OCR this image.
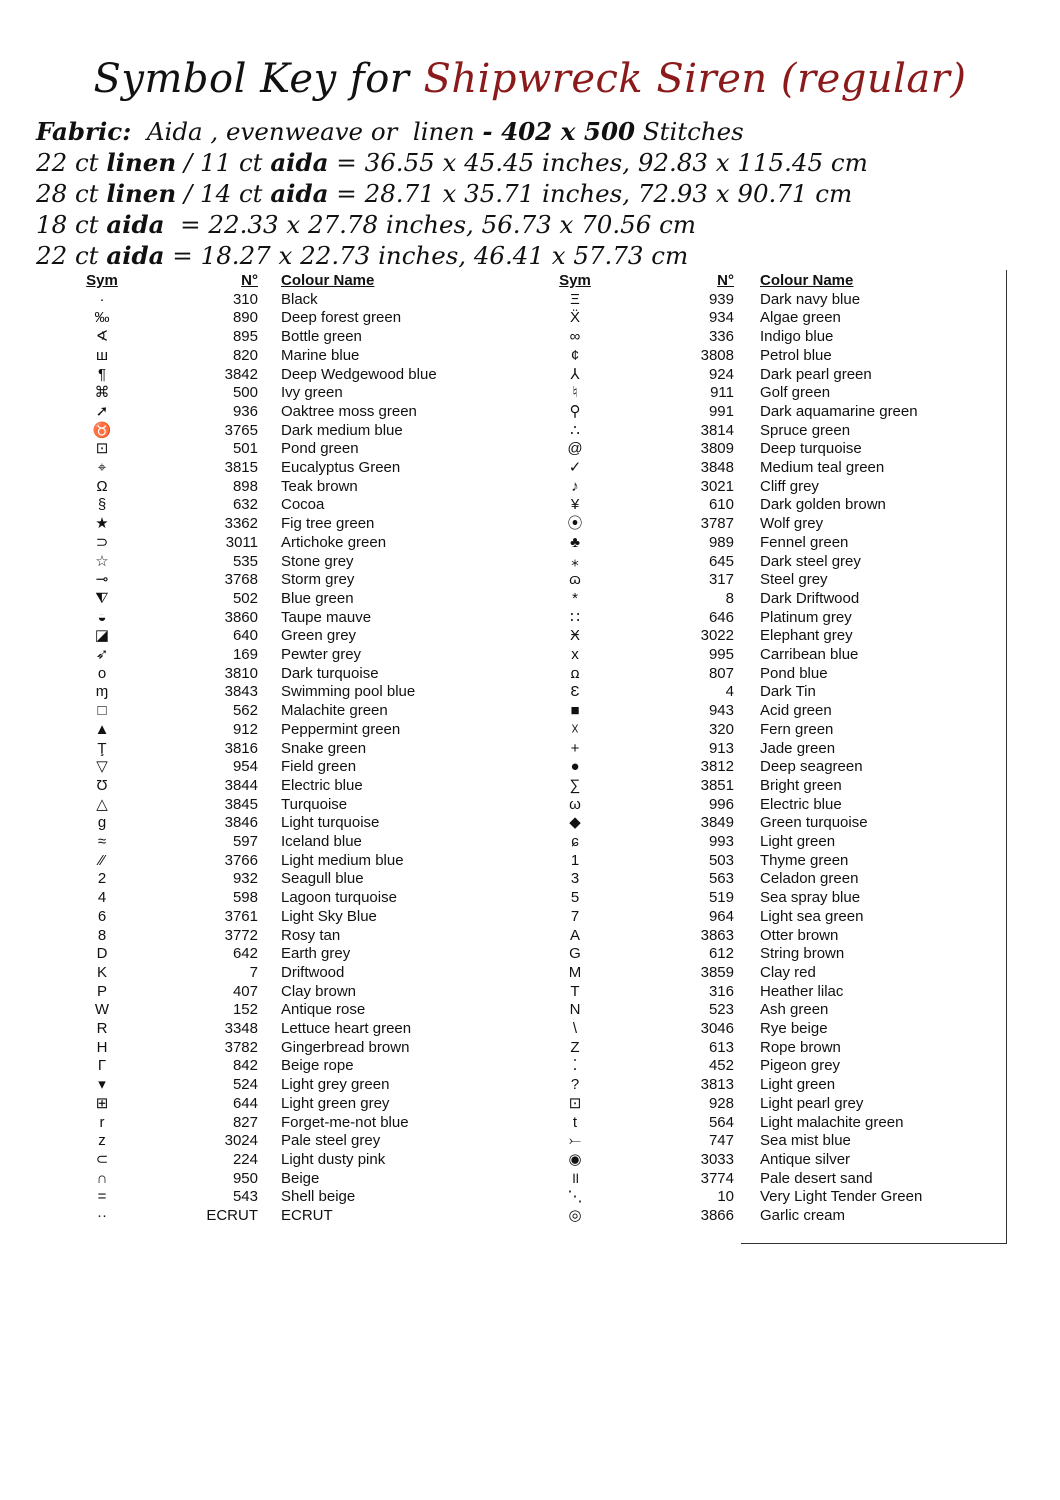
Symbol Key for Shipwreck Siren (regular)
Fabric:  Aida , evenweave or  linen - 402 x 500 Stitches
22 ct linen / 11 ct aida = 36.55 x 45.45 inches, 92.83 x 115.45 cm
28 ct linen / 14 ct aida = 28.71 x 35.71 inches, 72.93 x 90.71 cm
18 ct aida  = 22.33 x 27.78 inches, 56.73 x 70.56 cm
22 ct aida = 18.27 x 22.73 inches, 46.41 x 57.73 cm
Sym	N° Colour Name
·	310 Black
‰	890 Deep forest green
∢	895 Bottle green
ш	820 Marine blue
¶	3842 Deep Wedgewood blue
⌘	500 Ivy green
➚	936 Oaktree moss green
♉	3765 Dark medium blue
⊡	501 Pond green
⌖	3815 Eucalyptus Green
Ω	898 Teak brown
§	632 Cocoa
★	3362 Fig tree green
⊃	3011 Artichoke green
☆	535 Stone grey
⊸	3768 Storm grey
⧨	502 Blue green
◒	3860 Taupe mauve
◪	640 Green grey
➶	169 Pewter grey
o	3810 Dark turquoise
ɱ	3843 Swimming pool blue
□	562 Malachite green
▲	912 Peppermint green
Ţ	3816 Snake green
▽	954 Field green
Ʊ	3844 Electric blue
△	3845 Turquoise
g	3846 Light turquoise
≈	597 Iceland blue
⁄⁄	3766 Light medium blue
2	932 Seagull blue
4	598 Lagoon turquoise
6	3761 Light Sky Blue
8	3772 Rosy tan
D	642 Earth grey
K	7 Driftwood
P	407 Clay brown
W	152 Antique rose
R	3348 Lettuce heart green
H	3782 Gingerbread brown
Γ	842 Beige rope
▾	524 Light grey green
⊞	644 Light green grey
r	827 Forget-me-not blue
z	3024 Pale steel grey
⊂	224 Light dusty pink
∩	950 Beige
=	543 Shell beige
··	ECRUT ECRUT
Sym	N° Colour Name
Ξ	939 Dark navy blue
Ẍ	934 Algae green
∞	336 Indigo blue
¢	3808 Petrol blue
⅄	924 Dark pearl green
♮	911 Golf green
⚲	991 Dark aquamarine green
∴	3814 Spruce green
@	3809 Deep turquoise
✓	3848 Medium teal green
♪	3021 Cliff grey
¥	610 Dark golden brown
⦿	3787 Wolf grey
♣	989 Fennel green
⁎	645 Dark steel grey
ɷ	317 Steel grey
*	8 Dark Driftwood
∷	646 Platinum grey
Ӿ	3022 Elephant grey
x	995 Carribean blue
ꭥ	807 Pond blue
Ɛ	4 Dark Tin
■	943 Acid green
☓	320 Fern green
+	913 Jade green
●	3812 Deep seagreen
∑	3851 Bright green
ω	996 Electric blue
◆	3849 Green turquoise
ɕ	993 Light green
1	503 Thyme green
3	563 Celadon green
5	519 Sea spray blue
7	964 Light sea green
A	3863 Otter brown
G	612 String brown
M	3859 Clay red
T	316 Heather lilac
N	523 Ash green
\	3046 Rye beige
Z	613 Rope brown
⁚	452 Pigeon grey
?	3813 Light green
⊡	928 Light pearl grey
t	564 Light malachite green
⤚	747 Sea mist blue
◉	3033 Antique silver
॥	3774 Pale desert sand
⋱	10 Very Light Tender Green
◎	3866 Garlic cream
